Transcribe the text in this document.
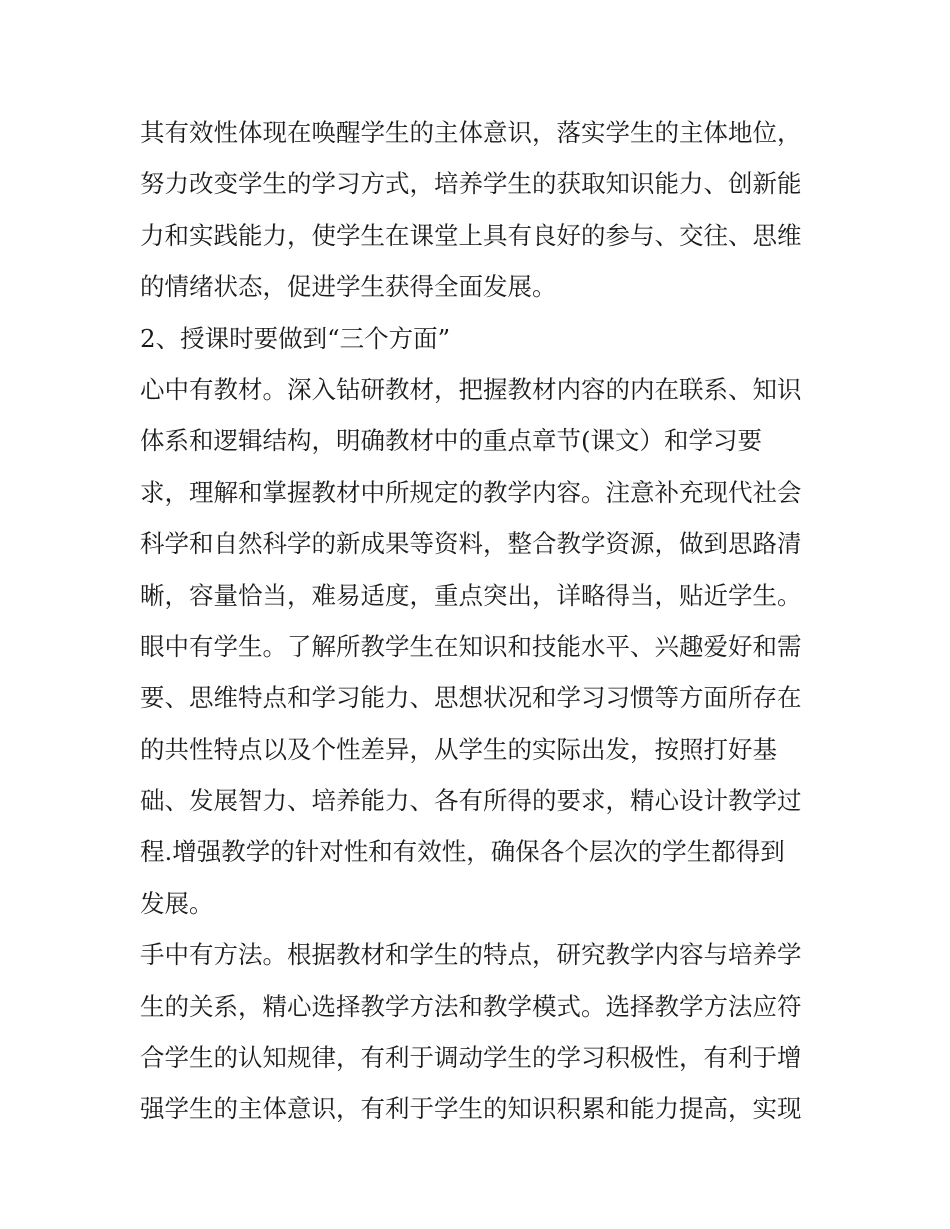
其有效性体现在唤醒学生的主体意识，落实学生的主体地位，
努力改变学生的学习方式，培养学生的获取知识能力、创新能
力和实践能力，使学生在课堂上具有良好的参与、交往、思维
的情绪状态，促进学生获得全面发展。
2、授课时要做到“三个方面”
心中有教材。深入钻研教材，把握教材内容的内在联系、知识
体系和逻辑结构，明确教材中的重点章节(课文）和学习要
求，理解和掌握教材中所规定的教学内容。注意补充现代社会
科学和自然科学的新成果等资料，整合教学资源，做到思路清
晰，容量恰当，难易适度，重点突出，详略得当，贴近学生。
眼中有学生。了解所教学生在知识和技能水平、兴趣爱好和需
要、思维特点和学习能力、思想状况和学习习惯等方面所存在
的共性特点以及个性差异，从学生的实际出发，按照打好基
础、发展智力、培养能力、各有所得的要求，精心设计教学过
程.增强教学的针对性和有效性，确保各个层次的学生都得到
发展。
手中有方法。根据教材和学生的特点，研究教学内容与培养学
生的关系，精心选择教学方法和教学模式。选择教学方法应符
合学生的认知规律，有利于调动学生的学习积极性，有利于增
强学生的主体意识，有利于学生的知识积累和能力提高，实现
